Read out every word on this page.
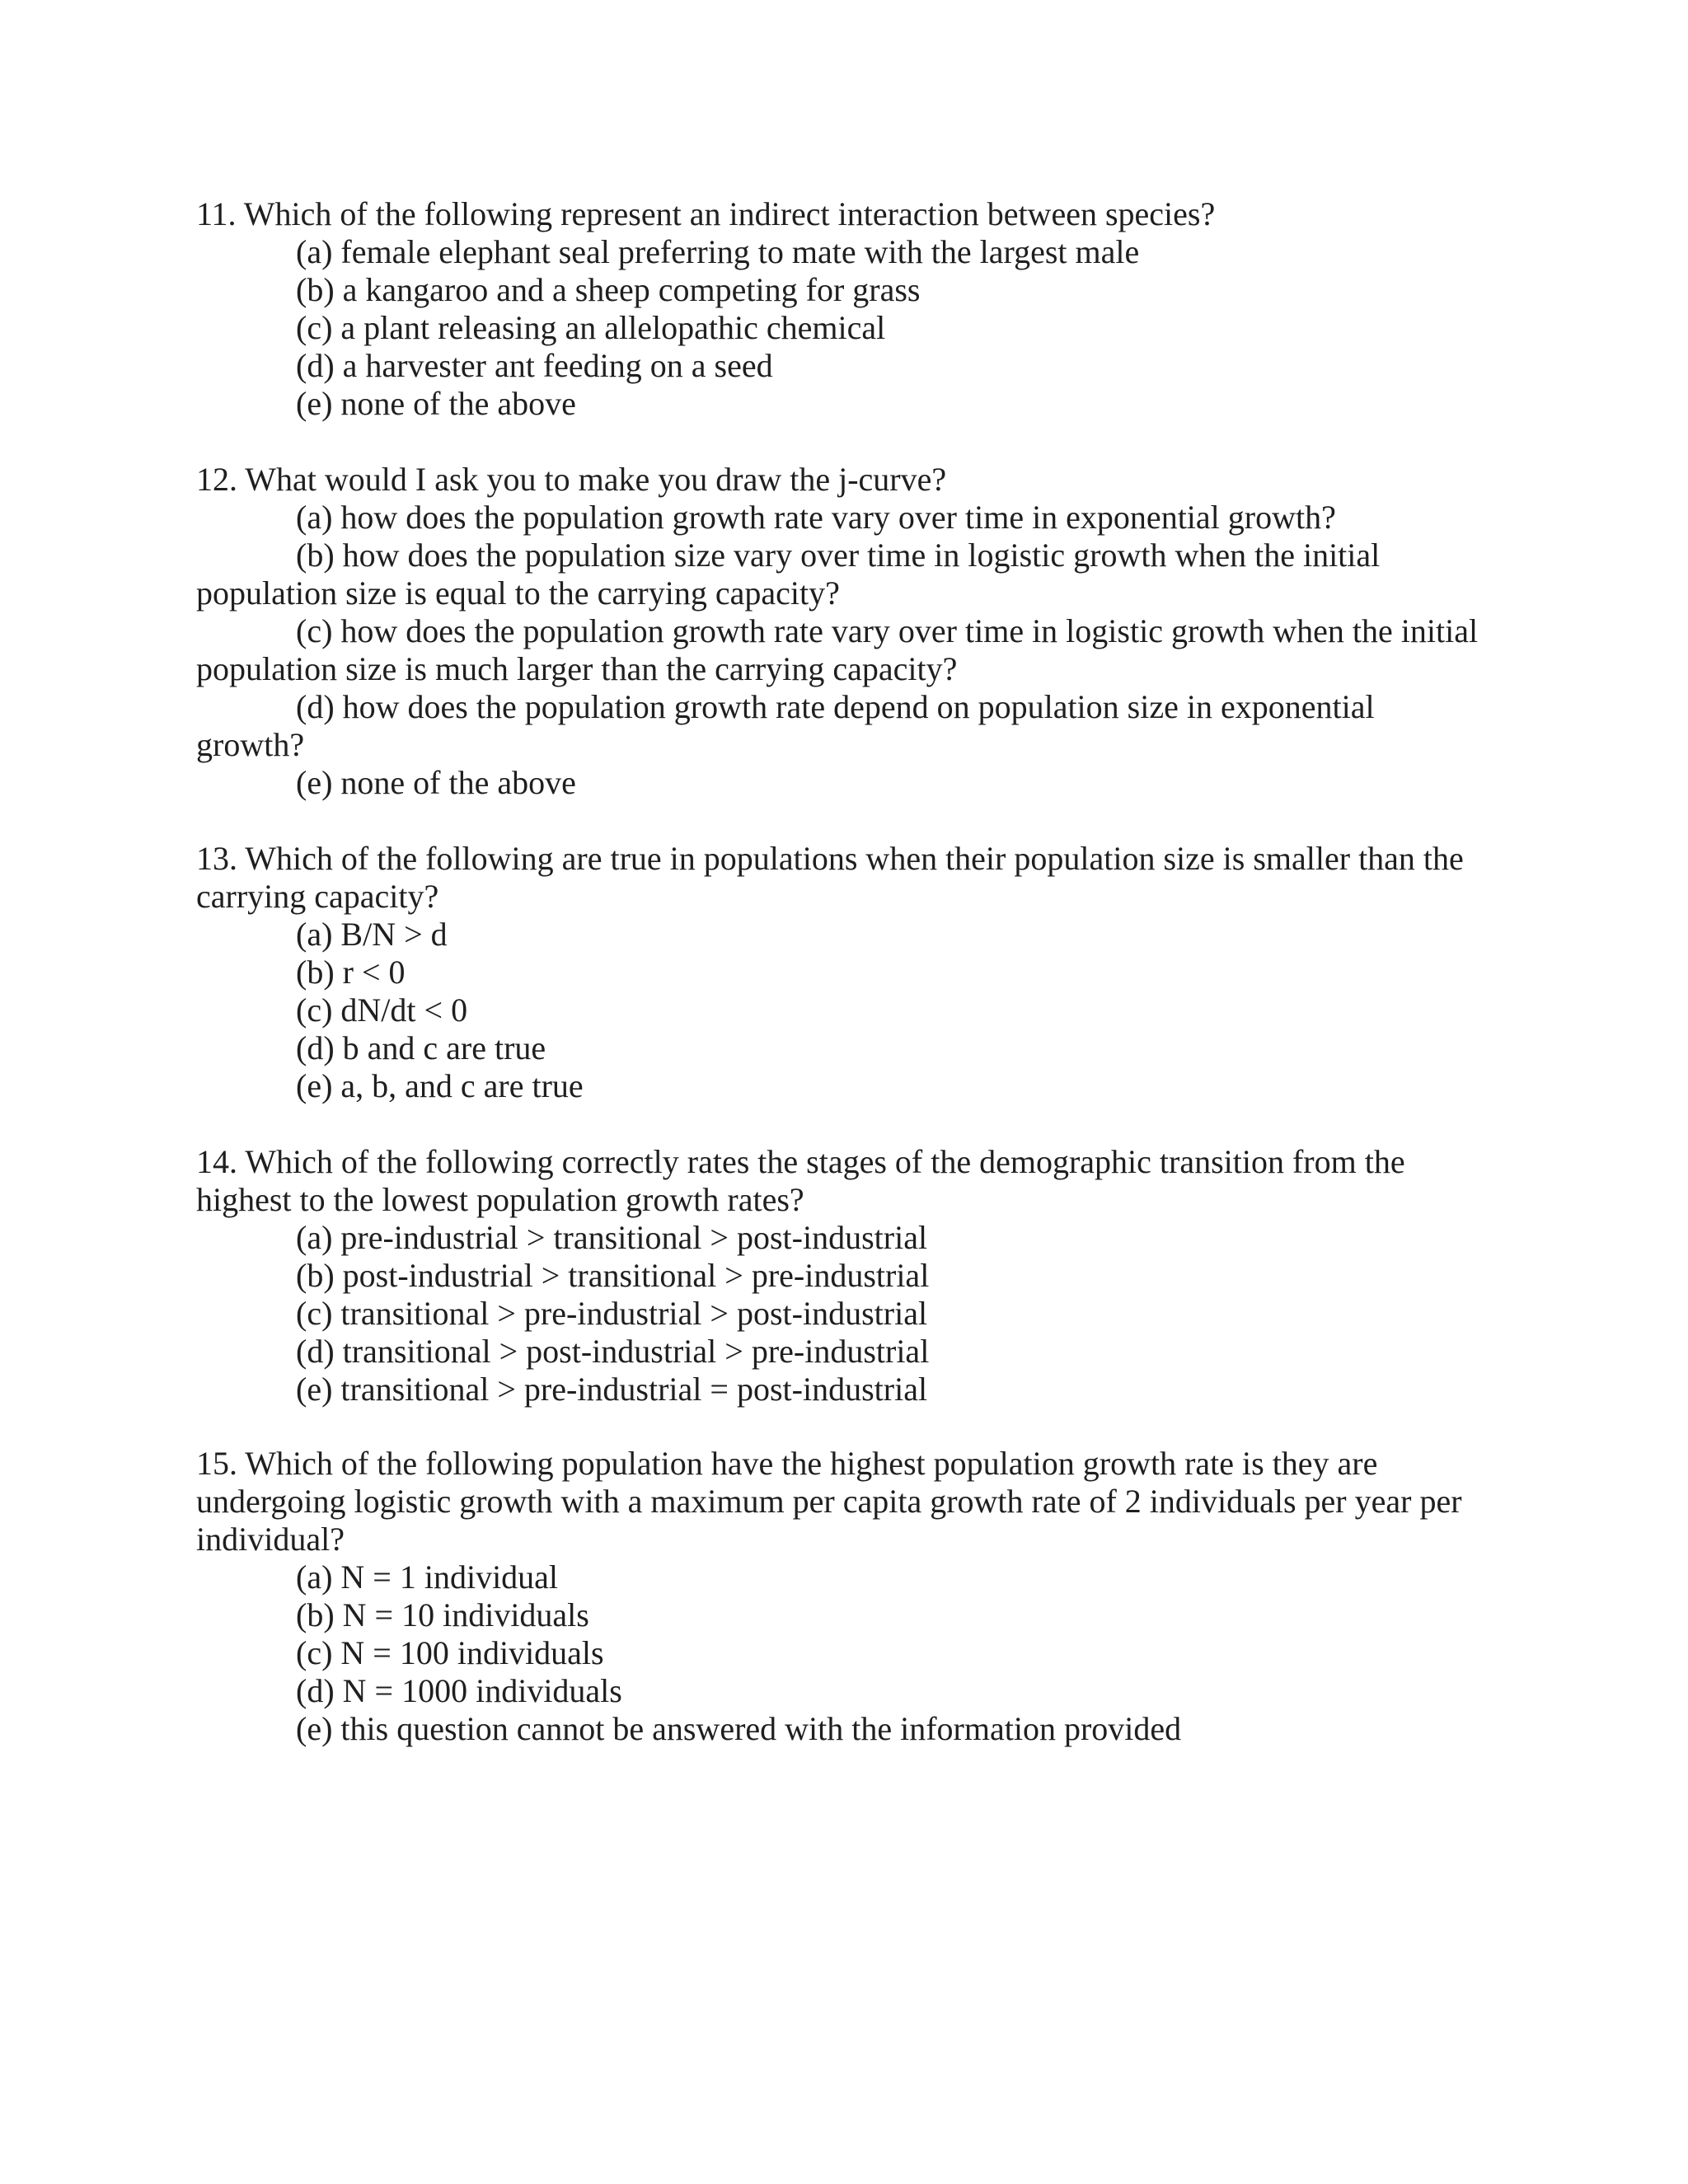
11. Which of the following represent an indirect interaction between species?

(a) female elephant seal preferring to mate with the largest male

(b) a kangaroo and a sheep competing for grass

(c) a plant releasing an allelopathic chemical

(d) a harvester ant feeding on a seed

(e) none of the above

12. What would I ask you to make you draw the j-curve?

(a) how does the population growth rate vary over time in exponential growth?

(b) how does the population size vary over time in logistic growth when the initial population size is equal to the carrying capacity?

(c) how does the population growth rate vary over time in logistic growth when the initial population size is much larger than the carrying capacity?

(d) how does the population growth rate depend on population size in exponential growth?

(e) none of the above

13. Which of the following are true in populations when their population size is smaller than the carrying capacity?

(a) B/N > d

(b) r < 0

(c) dN/dt < 0

(d) b and c are true

(e) a, b, and c are true

14. Which of the following correctly rates the stages of the demographic transition from the highest to the lowest population growth rates?

(a) pre-industrial > transitional > post-industrial

(b) post-industrial > transitional > pre-industrial

(c) transitional > pre-industrial > post-industrial

(d) transitional > post-industrial > pre-industrial

(e) transitional > pre-industrial = post-industrial

15. Which of the following population have the highest population growth rate is they are undergoing logistic growth with a maximum per capita growth rate of 2 individuals per year per individual?

(a) N = 1 individual

(b) N = 10 individuals

(c) N = 100 individuals

(d) N = 1000 individuals

(e) this question cannot be answered with the information provided
